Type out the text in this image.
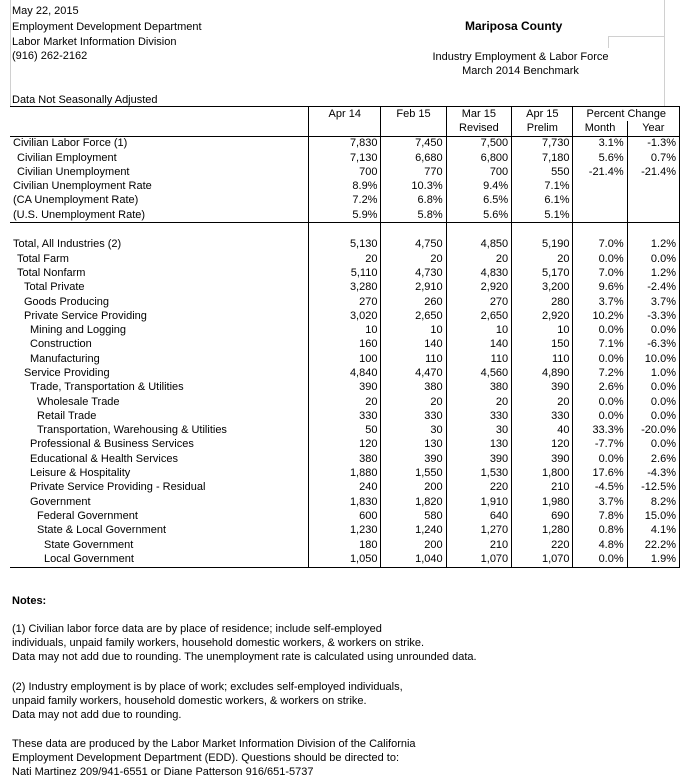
May 22, 2015
Employment Development Department
Labor Market Information Division
(916) 262-2162
Mariposa County
Industry Employment & Labor Force
March 2014 Benchmark
Data Not Seasonally Adjusted
	Apr 14	Feb 15	Mar 15	Apr 15	Percent Change	
			Revised	Prelim	Month	Year
Civilian Labor Force (1)	7,830	7,450	7,500	7,730	3.1%	-1.3%
Civilian Employment	7,130	6,680	6,800	7,180	5.6%	0.7%
Civilian Unemployment	700	770	700	550	-21.4%	-21.4%
Civilian Unemployment Rate	8.9%	10.3%	9.4%	7.1%		
(CA Unemployment Rate)	7.2%	6.8%	6.5%	6.1%		
(U.S. Unemployment Rate)	5.9%	5.8%	5.6%	5.1%		

Total, All Industries (2)	5,130	4,750	4,850	5,190	7.0%	1.2%
Total Farm	20	20	20	20	0.0%	0.0%
Total Nonfarm	5,110	4,730	4,830	5,170	7.0%	1.2%
Total Private	3,280	2,910	2,920	3,200	9.6%	-2.4%
Goods Producing	270	260	270	280	3.7%	3.7%
Private Service Providing	3,020	2,650	2,650	2,920	10.2%	-3.3%
Mining and Logging	10	10	10	10	0.0%	0.0%
Construction	160	140	140	150	7.1%	-6.3%
Manufacturing	100	110	110	110	0.0%	10.0%
Service Providing	4,840	4,470	4,560	4,890	7.2%	1.0%
Trade, Transportation & Utilities	390	380	380	390	2.6%	0.0%
Wholesale Trade	20	20	20	20	0.0%	0.0%
Retail Trade	330	330	330	330	0.0%	0.0%
Transportation, Warehousing & Utilities	50	30	30	40	33.3%	-20.0%
Professional & Business Services	120	130	130	120	-7.7%	0.0%
Educational & Health Services	380	390	390	390	0.0%	2.6%
Leisure & Hospitality	1,880	1,550	1,530	1,800	17.6%	-4.3%
Private Service Providing - Residual	240	200	220	210	-4.5%	-12.5%
Government	1,830	1,820	1,910	1,980	3.7%	8.2%
Federal Government	600	580	640	690	7.8%	15.0%
State & Local Government	1,230	1,240	1,270	1,280	0.8%	4.1%
State Government	180	200	210	220	4.8%	22.2%
Local Government	1,050	1,040	1,070	1,070	0.0%	1.9%
Notes:

(1) Civilian labor force data are by place of residence; include self-employed

individuals, unpaid family workers, household domestic workers, & workers on strike.

Data may not add due to rounding. The unemployment rate is calculated using unrounded data.

(2) Industry employment is by place of work; excludes self-employed individuals,

unpaid family workers, household domestic workers, & workers on strike.

Data may not add due to rounding.

These data are produced by the Labor Market Information Division of the California

Employment Development Department (EDD). Questions should be directed to:

Nati Martinez 209/941-6551 or Diane Patterson 916/651-5737
